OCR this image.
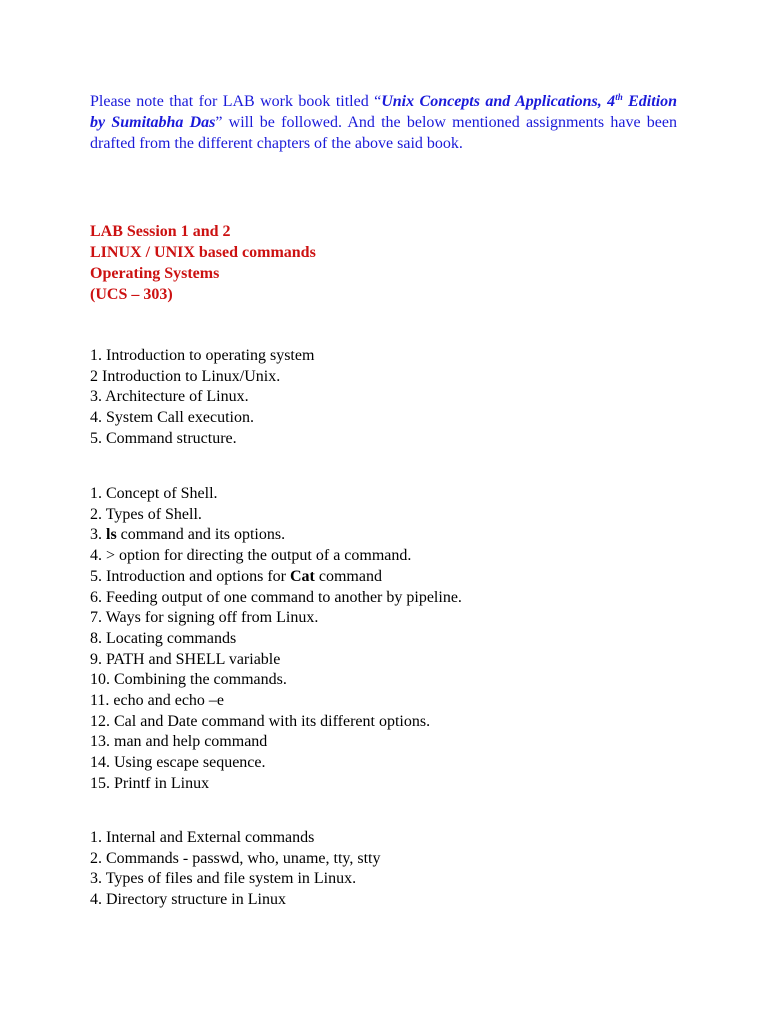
Please note that for LAB work book titled “Unix Concepts and Applications, 4th Edition by Sumitabha Das” will be followed. And the below mentioned assignments have been drafted from the different chapters of the above said book.
LAB Session 1 and 2
LINUX / UNIX based commands
Operating Systems
(UCS – 303)
1. Introduction to operating system
2 Introduction to Linux/Unix.
3. Architecture of Linux.
4. System Call execution.
5. Command structure.
1. Concept of Shell.
2. Types of Shell.
3. ls command and its options.
4. > option for directing the output of a command.
5. Introduction and options for Cat command
6. Feeding output of one command to another by pipeline.
7. Ways for signing off from Linux.
8. Locating commands
9. PATH and SHELL variable
10. Combining the commands.
11. echo and echo –e
12. Cal and Date command with its different options.
13. man and help command
14. Using escape sequence.
15. Printf in Linux
1. Internal and External commands
2. Commands - passwd, who, uname, tty, stty
3. Types of files and file system in Linux.
4. Directory structure in Linux
